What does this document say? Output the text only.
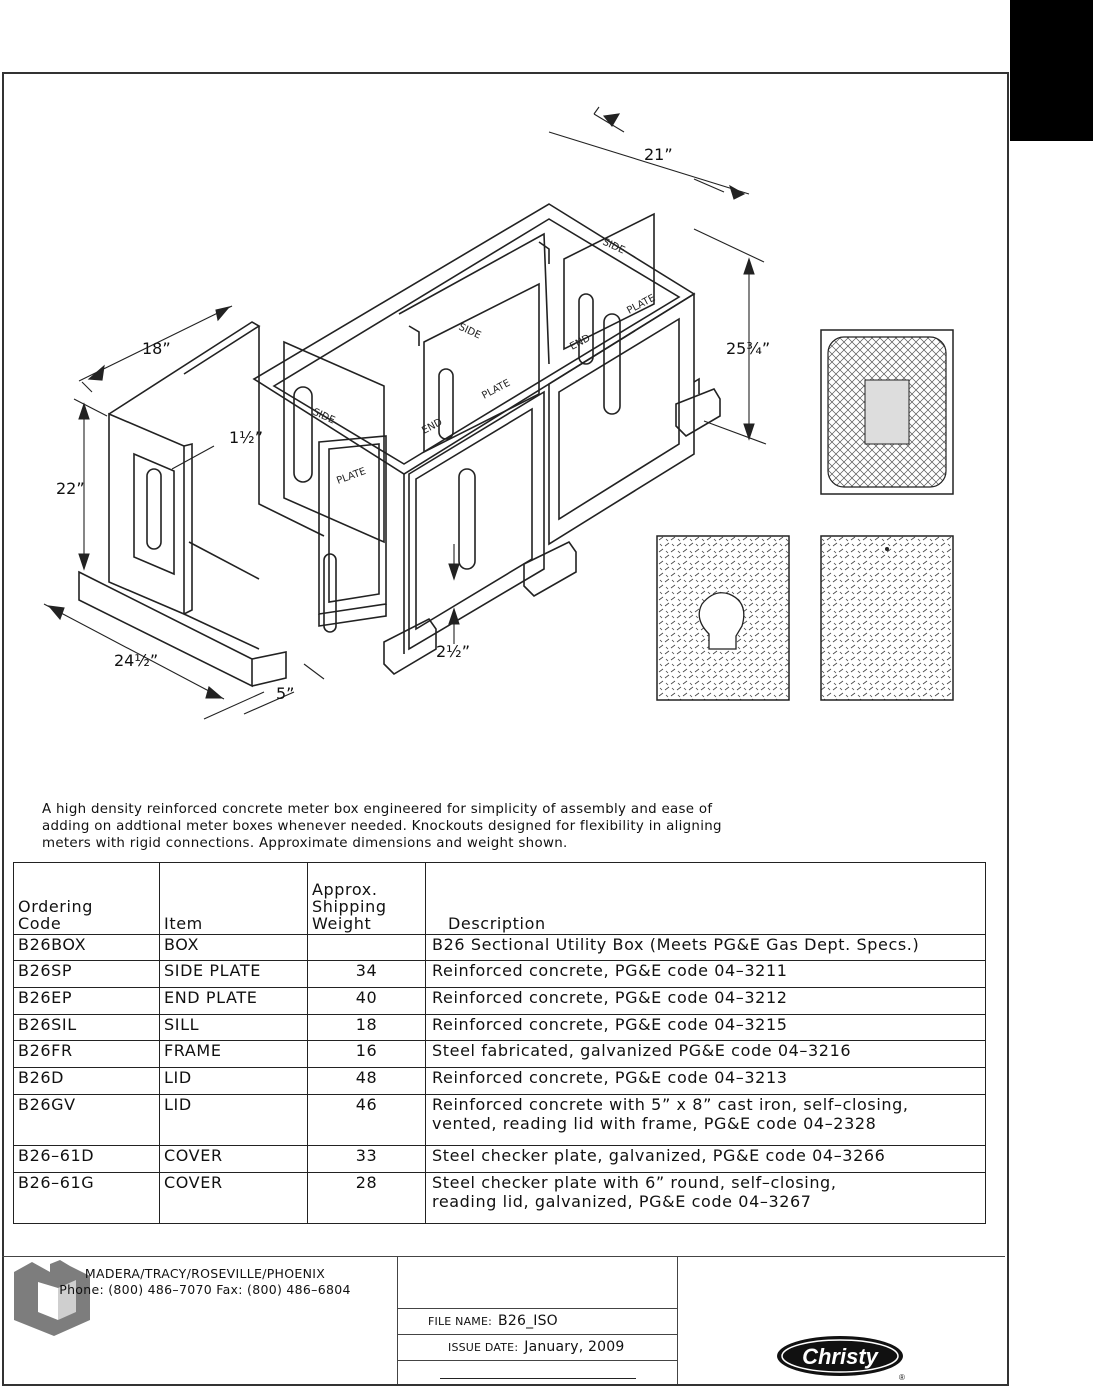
21”
18”	25¾”
1½”
22”
24½”
5”
2½”
SIDE
SIDE
SIDE
PLATE
END
PLATE
END
PLATE
A high density reinforced concrete meter box engineered for simplicity of assembly and ease of
adding on addtional meter boxes whenever needed. Knockouts designed for flexibility in aligning
meters with rigid connections. Approximate dimensions and weight shown.
Ordering
Code	Item	Approx.
Shipping
Weight	Description

B26BOX	BOX		B26 Sectional Utility Box (Meets PG&E Gas Dept. Specs.)

B26SP	SIDE PLATE	34	Reinforced concrete, PG&E code 04–3211

B26EP	END PLATE	40	Reinforced concrete, PG&E code 04–3212

B26SIL	SILL	18	Reinforced concrete, PG&E code 04–3215

B26FR	FRAME	16	Steel fabricated, galvanized PG&E code 04–3216

B26D	LID	48	Reinforced concrete, PG&E code 04–3213

B26GV	LID	46	Reinforced concrete with 5” x 8” cast iron, self–closing,
vented, reading lid with frame, PG&E code 04–2328

B26–61D	COVER	33	Steel checker plate, galvanized, PG&E code 04–3266

B26–61G	COVER	28	Steel checker plate with 6” round, self–closing,
reading lid, galvanized, PG&E code 04–3267
MADERA/TRACY/ROSEVILLE/PHOENIX
Phone: (800) 486–7070 Fax: (800) 486–6804
FILE NAME: B26_ISO
ISSUE DATE: January, 2009	Christy
®
